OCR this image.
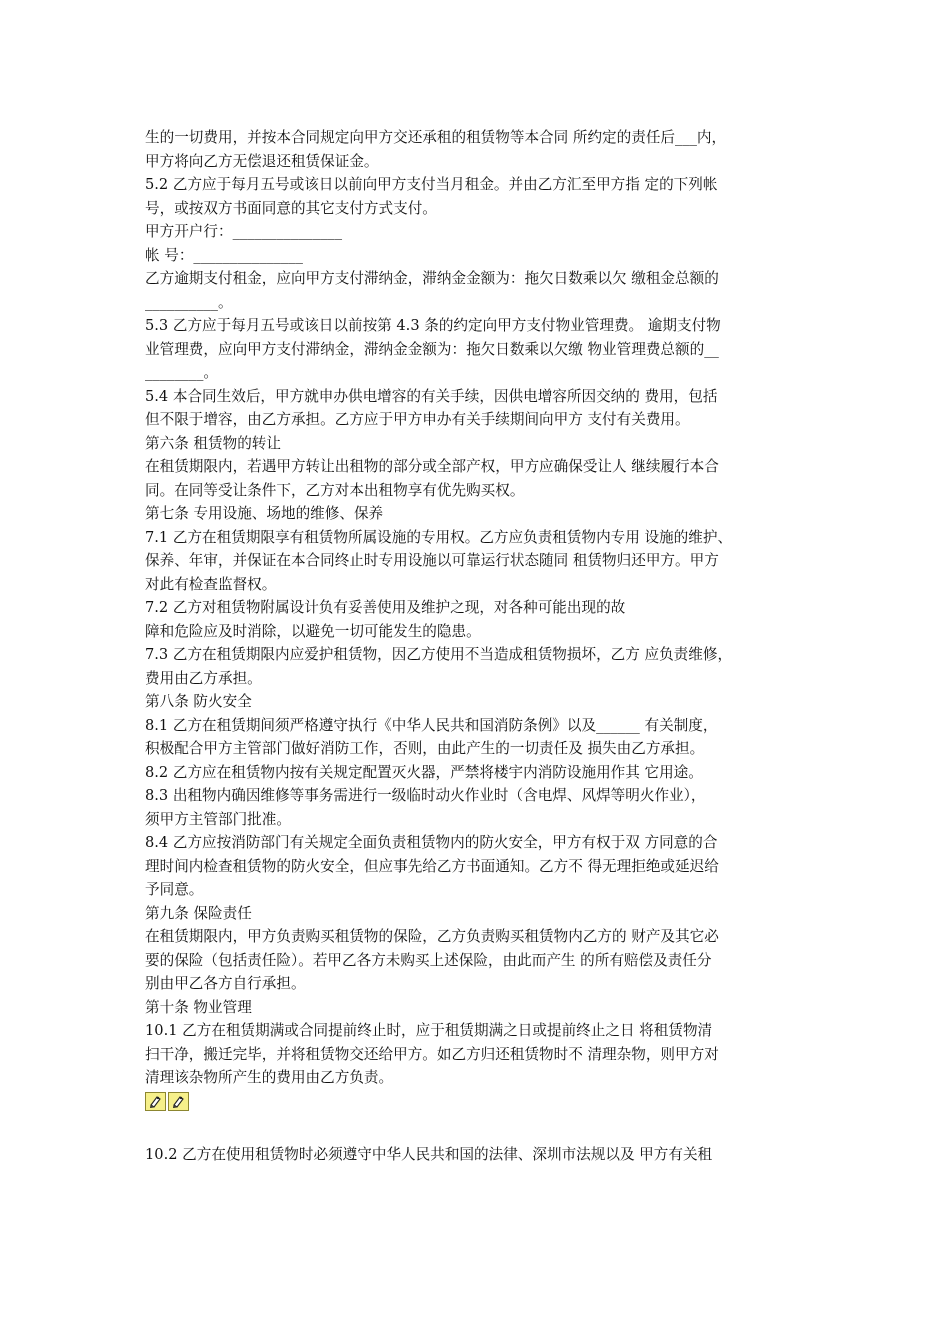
生的一切费用，并按本合同规定向甲方交还承租的租赁物等本合同 所约定的责任后___内，
甲方将向乙方无偿退还租赁保证金。
5.2 乙方应于每月五号或该日以前向甲方支付当月租金。并由乙方汇至甲方指 定的下列帐
号，或按双方书面同意的其它支付方式支付。
甲方开户行：_______________
帐 号：_______________
乙方逾期支付租金，应向甲方支付滞纳金，滞纳金金额为：拖欠日数乘以欠 缴租金总额的
__________。
5.3 乙方应于每月五号或该日以前按第 4.3 条的约定向甲方支付物业管理费。 逾期支付物
业管理费，应向甲方支付滞纳金，滞纳金金额为：拖欠日数乘以欠缴 物业管理费总额的__
________。
5.4 本合同生效后，甲方就申办供电增容的有关手续，因供电增容所因交纳的 费用，包括
但不限于增容，由乙方承担。乙方应于甲方申办有关手续期间向甲方 支付有关费用。
第六条 租赁物的转让
在租赁期限内，若遇甲方转让出租物的部分或全部产权，甲方应确保受让人 继续履行本合
同。在同等受让条件下，乙方对本出租物享有优先购买权。
第七条 专用设施、场地的维修、保养
7.1 乙方在租赁期限享有租赁物所属设施的专用权。乙方应负责租赁物内专用 设施的维护、
保养、年审，并保证在本合同终止时专用设施以可靠运行状态随同 租赁物归还甲方。甲方
对此有检查监督权。
7.2 乙方对租赁物附属设计负有妥善使用及维护之现，对各种可能出现的故
障和危险应及时消除，以避免一切可能发生的隐患。
7.3 乙方在租赁期限内应爱护租赁物，因乙方使用不当造成租赁物损坏，乙方 应负责维修，
费用由乙方承担。
第八条 防火安全
8.1 乙方在租赁期间须严格遵守执行《中华人民共和国消防条例》以及______ 有关制度，
积极配合甲方主管部门做好消防工作，否则，由此产生的一切责任及 损失由乙方承担。
8.2 乙方应在租赁物内按有关规定配置灭火器，严禁将楼宇内消防设施用作其 它用途。
8.3 出租物内确因维修等事务需进行一级临时动火作业时（含电焊、风焊等明火作业），
须甲方主管部门批准。
8.4 乙方应按消防部门有关规定全面负责租赁物内的防火安全，甲方有权于双 方同意的合
理时间内检查租赁物的防火安全，但应事先给乙方书面通知。乙方不 得无理拒绝或延迟给
予同意。
第九条 保险责任
在租赁期限内，甲方负责购买租赁物的保险，乙方负责购买租赁物内乙方的 财产及其它必
要的保险（包括责任险）。若甲乙各方未购买上述保险，由此而产生 的所有赔偿及责任分
别由甲乙各方自行承担。
第十条 物业管理
10.1 乙方在租赁期满或合同提前终止时，应于租赁期满之日或提前终止之日 将租赁物清
扫干净，搬迁完毕，并将租赁物交还给甲方。如乙方归还租赁物时不 清理杂物，则甲方对
清理该杂物所产生的费用由乙方负责。
10.2 乙方在使用租赁物时必须遵守中华人民共和国的法律、深圳市法规以及 甲方有关租
